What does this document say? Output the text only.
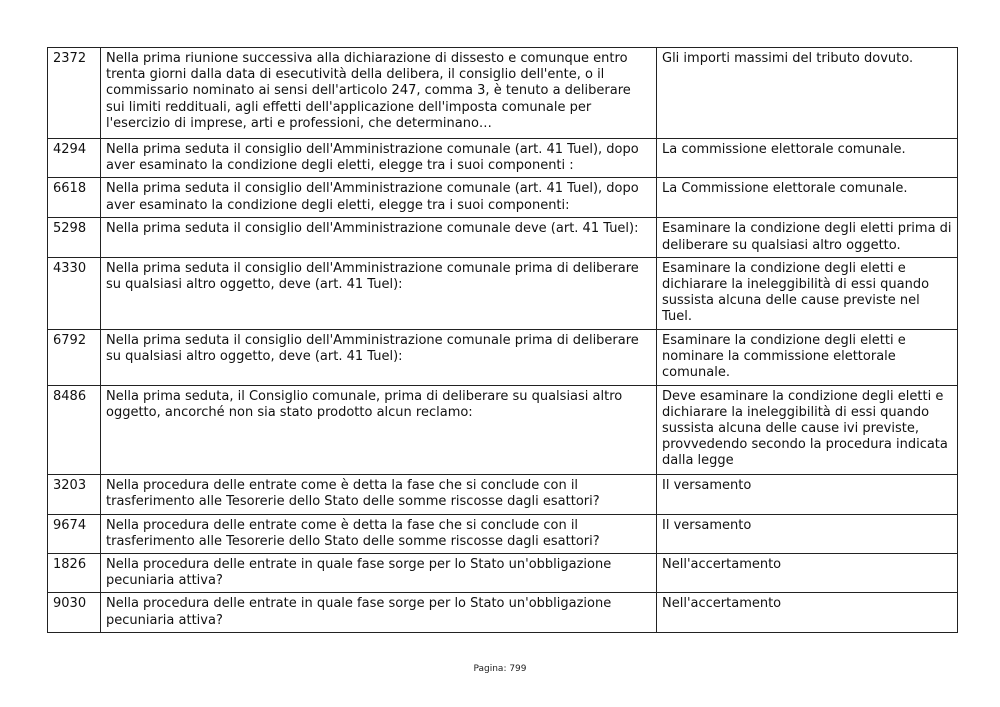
2372	Nella prima riunione successiva alla dichiarazione di dissesto e comunque entro trenta giorni dalla data di esecutività della delibera, il consiglio dell'ente, o il commissario nominato ai sensi dell'articolo 247, comma 3, è tenuto a deliberare sui limiti reddituali, agli effetti dell'applicazione dell'imposta comunale per l'esercizio di imprese, arti e professioni, che determinano…	Gli importi massimi del tributo dovuto.
4294	Nella prima seduta il consiglio dell'Amministrazione comunale (art. 41 Tuel), dopo aver esaminato la condizione degli eletti, elegge tra i suoi componenti :	La commissione elettorale comunale.
6618	Nella prima seduta il consiglio dell'Amministrazione comunale (art. 41 Tuel), dopo aver esaminato la condizione degli eletti, elegge tra i suoi componenti:	La Commissione elettorale comunale.
5298	Nella prima seduta il consiglio dell'Amministrazione comunale deve (art. 41 Tuel):	Esaminare la condizione degli eletti prima di deliberare su qualsiasi altro oggetto.
4330	Nella prima seduta il consiglio dell'Amministrazione comunale prima di deliberare su qualsiasi altro oggetto, deve (art. 41 Tuel):	Esaminare la condizione degli eletti e dichiarare la ineleggibilità di essi quando sussista alcuna delle cause previste nel Tuel.
6792	Nella prima seduta il consiglio dell'Amministrazione comunale prima di deliberare su qualsiasi altro oggetto, deve (art. 41 Tuel):	Esaminare la condizione degli eletti e nominare la commissione elettorale comunale.
8486	Nella prima seduta, il Consiglio comunale, prima di deliberare su qualsiasi altro oggetto, ancorché non sia stato prodotto alcun reclamo:	Deve esaminare la condizione degli eletti e dichiarare la ineleggibilità di essi quando sussista alcuna delle cause ivi previste, provvedendo secondo la procedura indicata dalla legge
3203	Nella procedura delle entrate come è detta la fase che si conclude con il trasferimento alle Tesorerie dello Stato delle somme riscosse dagli esattori?	Il versamento
9674	Nella procedura delle entrate come è detta la fase che si conclude con il trasferimento alle Tesorerie dello Stato delle somme riscosse dagli esattori?	Il versamento
1826	Nella procedura delle entrate in quale fase sorge per lo Stato un'obbligazione pecuniaria attiva?	Nell'accertamento
9030	Nella procedura delle entrate in quale fase sorge per lo Stato un'obbligazione pecuniaria attiva?	Nell'accertamento
Pagina: 799
